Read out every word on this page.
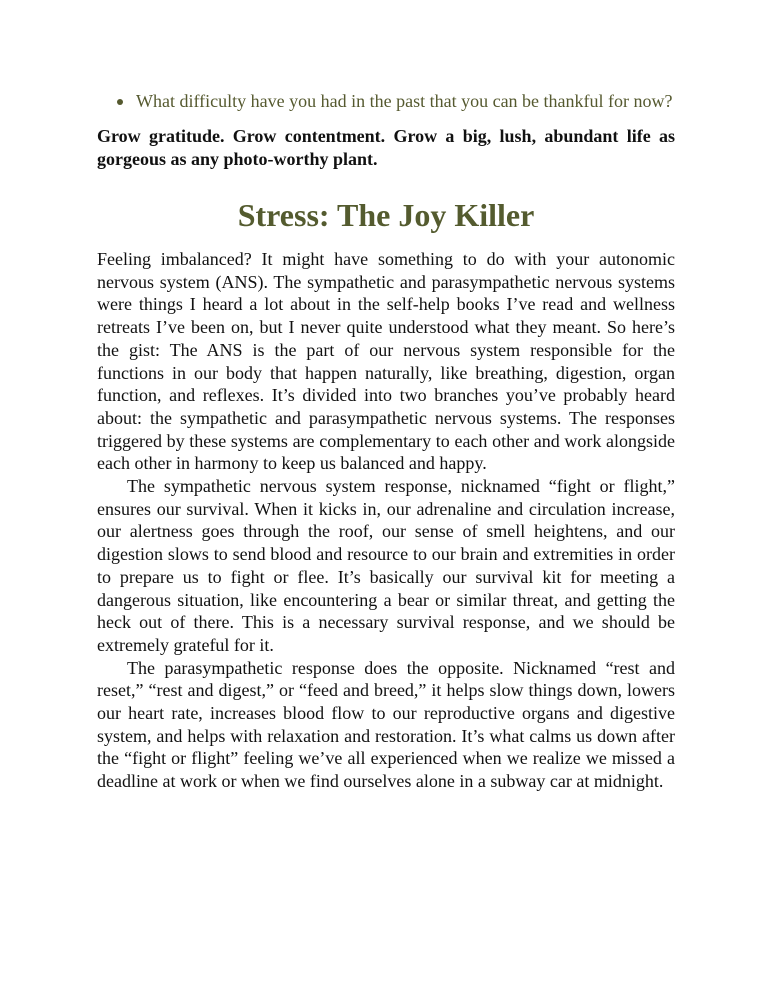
What difficulty have you had in the past that you can be thankful for now?

Grow gratitude. Grow contentment. Grow a big, lush, abundant life as gorgeous as any photo-worthy plant.

Stress: The Joy Killer

Feeling imbalanced? It might have something to do with your autonomic nervous system (ANS). The sympathetic and parasympathetic nervous systems were things I heard a lot about in the self-help books I’ve read and wellness retreats I’ve been on, but I never quite understood what they meant. So here’s the gist: The ANS is the part of our nervous system responsible for the functions in our body that happen naturally, like breathing, digestion, organ function, and reflexes. It’s divided into two branches you’ve probably heard about: the sympathetic and parasympathetic nervous systems. The responses triggered by these systems are complementary to each other and work alongside each other in harmony to keep us balanced and happy.

The sympathetic nervous system response, nicknamed “fight or flight,” ensures our survival. When it kicks in, our adrenaline and circulation increase, our alertness goes through the roof, our sense of smell heightens, and our digestion slows to send blood and resource to our brain and extremities in order to prepare us to fight or flee. It’s basically our survival kit for meeting a dangerous situation, like encountering a bear or similar threat, and getting the heck out of there. This is a necessary survival response, and we should be extremely grateful for it.

The parasympathetic response does the opposite. Nicknamed “rest and reset,” “rest and digest,” or “feed and breed,” it helps slow things down, lowers our heart rate, increases blood flow to our reproductive organs and digestive system, and helps with relaxation and restoration. It’s what calms us down after the “fight or flight” feeling we’ve all experienced when we realize we missed a deadline at work or when we find ourselves alone in a subway car at midnight.
